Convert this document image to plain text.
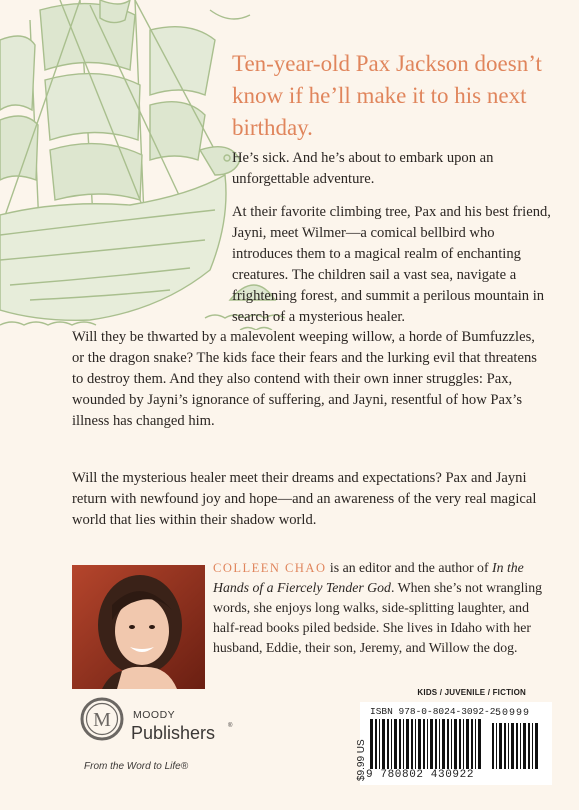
Ten-year-old Pax Jackson doesn’t know if he’ll make it to his next birthday.

He’s sick. And he’s about to embark upon an unforgettable adventure.

At their favorite climbing tree, Pax and his best friend, Jayni, meet Wilmer—a comical bellbird who introduces them to a magical realm of enchanting creatures. The children sail a vast sea, navigate a frightening forest, and summit a perilous mountain in search of a mysterious healer.

Will they be thwarted by a malevolent weeping willow, a horde of Bumfuzzles, or the dragon snake? The kids face their fears and the lurking evil that threatens to destroy them. And they also contend with their own inner struggles: Pax, wounded by Jayni’s ignorance of suffering, and Jayni, resentful of how Pax’s illness has changed him.

Will the mysterious healer meet their dreams and expectations? Pax and Jayni return with newfound joy and hope—and an awareness of the very real magical world that lies within their shadow world.

COLLEEN CHAO is an editor and the author of In the Hands of a Fiercely Tender God. When she’s not wrangling words, she enjoys long walks, side-splitting laughter, and half-read books piled bedside. She lives in Idaho with her husband, Eddie, their son, Jeremy, and Willow the dog.

KIDS / JUVENILE / FICTION

M MOODY
Publishers ®
From the Word to Life®
ISBN 978-0-8024-3092-2
$9.99 US 9 780802 430922
50999
